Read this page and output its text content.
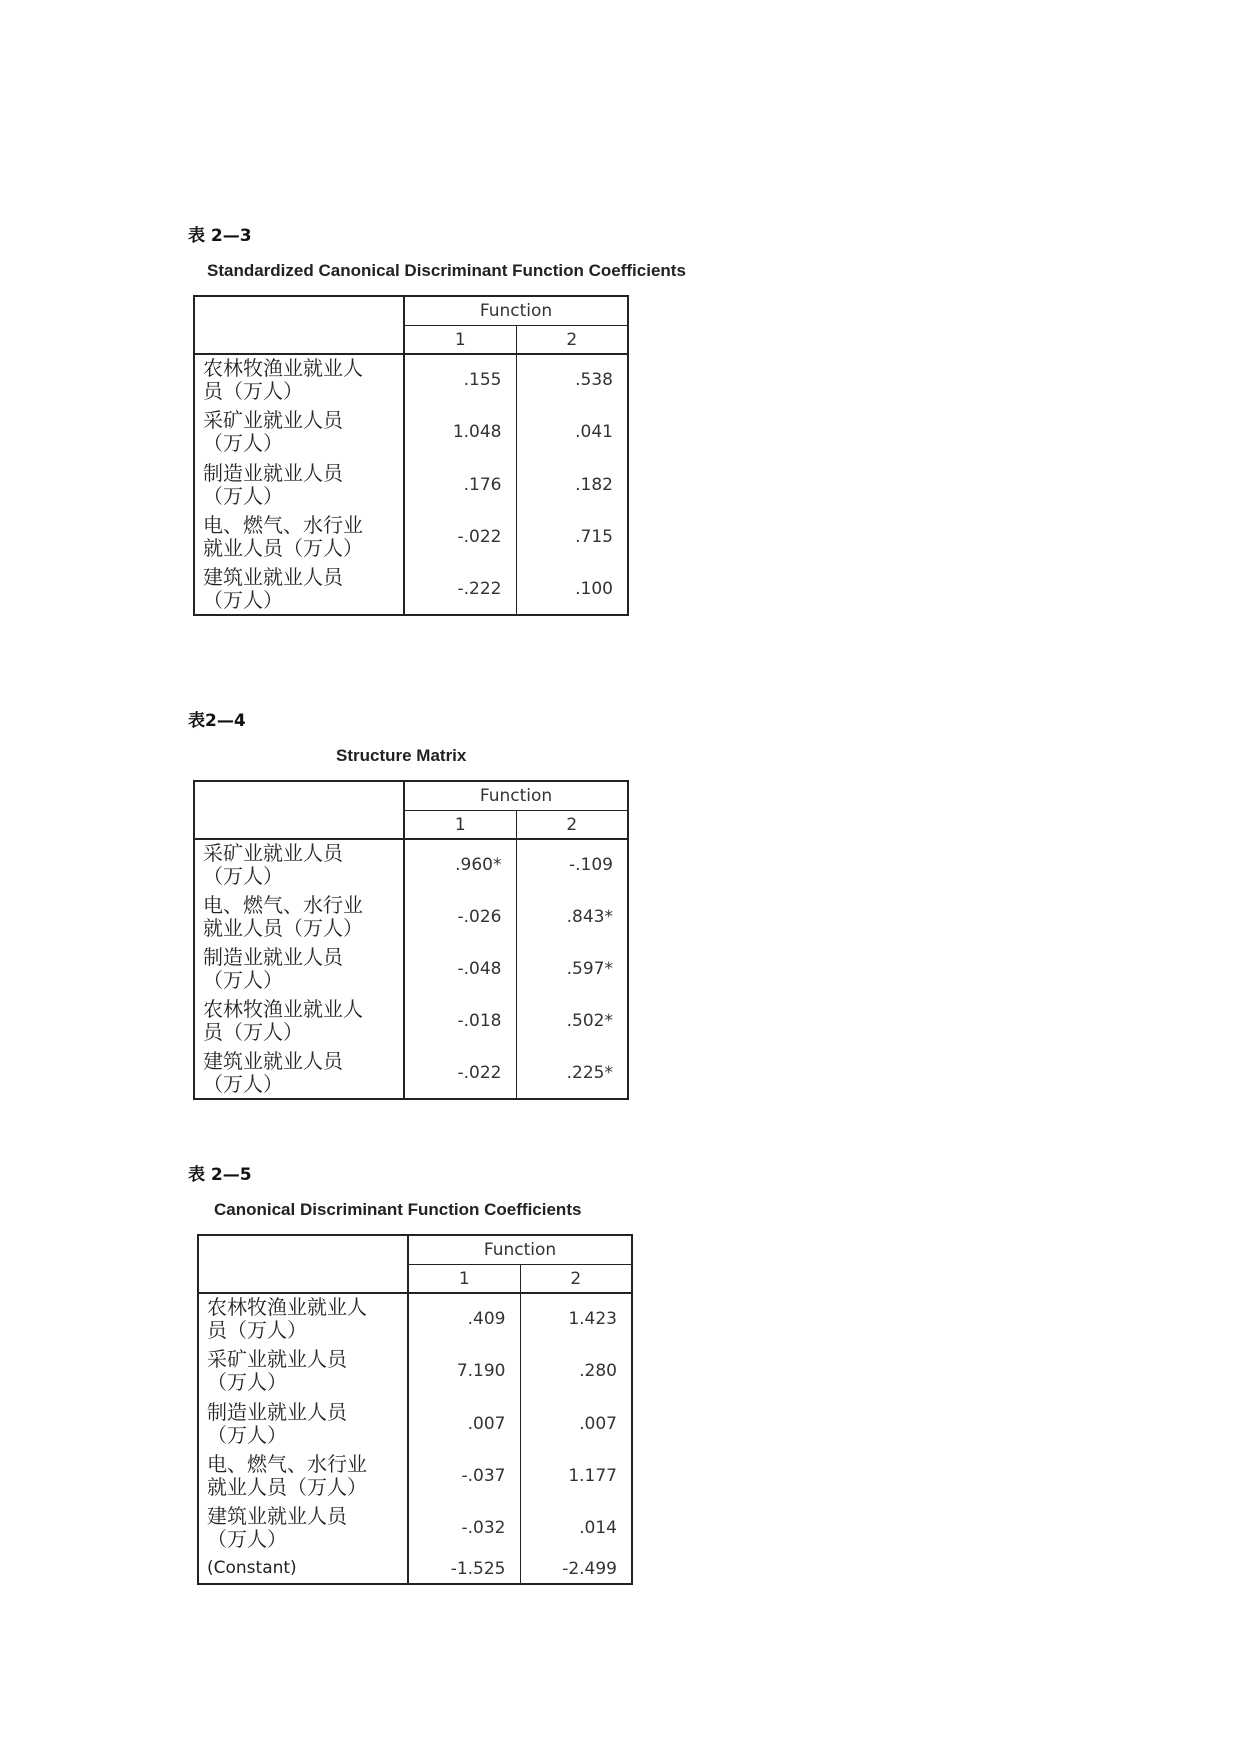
表 2—3
Standardized Canonical Discriminant Function Coefficients
	Function	
	1	2
农林牧渔业就业人
员（万人）	.155	.538
采矿业就业人员
（万人）	1.048	.041
制造业就业人员
（万人）	.176	.182
电、燃气、水行业
就业人员（万人）	-.022	.715
建筑业就业人员
（万人）	-.222	.100
表2—4
Structure Matrix
	Function	
	1	2
采矿业就业人员
（万人）	.960*	-.109
电、燃气、水行业
就业人员（万人）	-.026	.843*
制造业就业人员
（万人）	-.048	.597*
农林牧渔业就业人
员（万人）	-.018	.502*
建筑业就业人员
（万人）	-.022	.225*
表 2—5
Canonical Discriminant Function Coefficients
	Function	
	1	2
农林牧渔业就业人
员（万人）	.409	1.423
采矿业就业人员
（万人）	7.190	.280
制造业就业人员
（万人）	.007	.007
电、燃气、水行业
就业人员（万人）	-.037	1.177
建筑业就业人员
（万人）	-.032	.014
(Constant)	-1.525	-2.499
